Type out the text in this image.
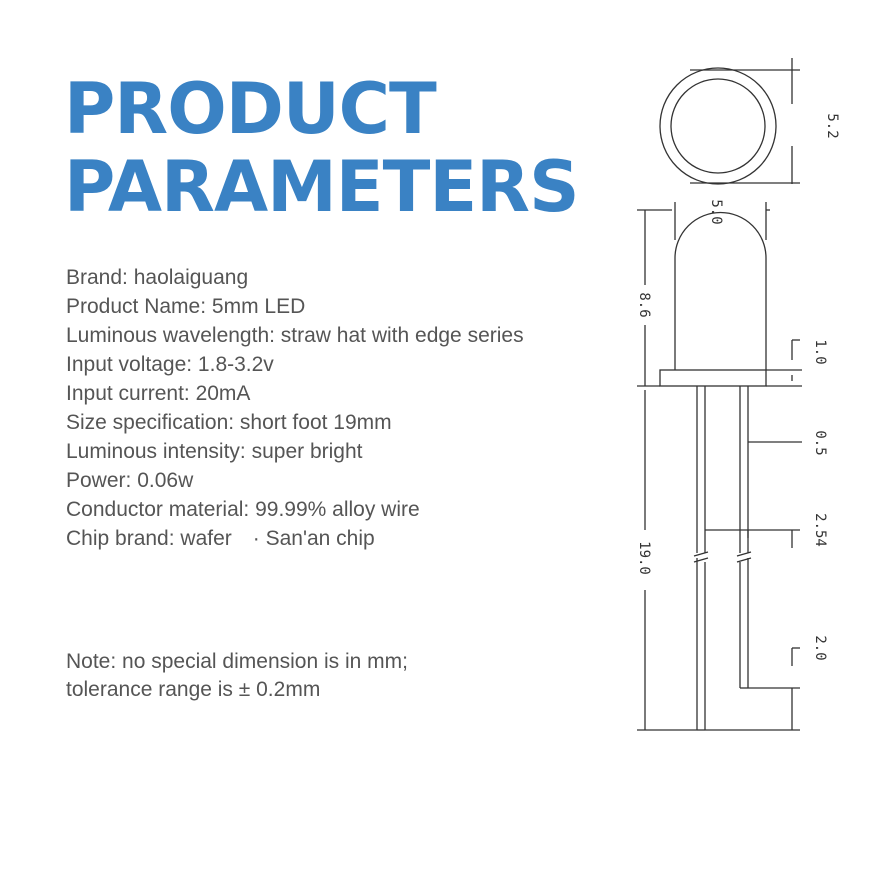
PRODUCT
PARAMETERS
Brand: haolaiguang
Product Name: 5mm LED
Luminous wavelength: straw hat with edge series
Input voltage: 1.8-3.2v
Input current: 20mA
Size specification: short foot 19mm
Luminous intensity: super bright
Power: 0.06w
Conductor material: 99.99% alloy wire
Chip brand: wafer　· San'an chip
Note: no special dimension is in mm;
tolerance range is ± 0.2mm
5.2
5.0
8.6
1.0
0.5
2.54
19.0
2.0
